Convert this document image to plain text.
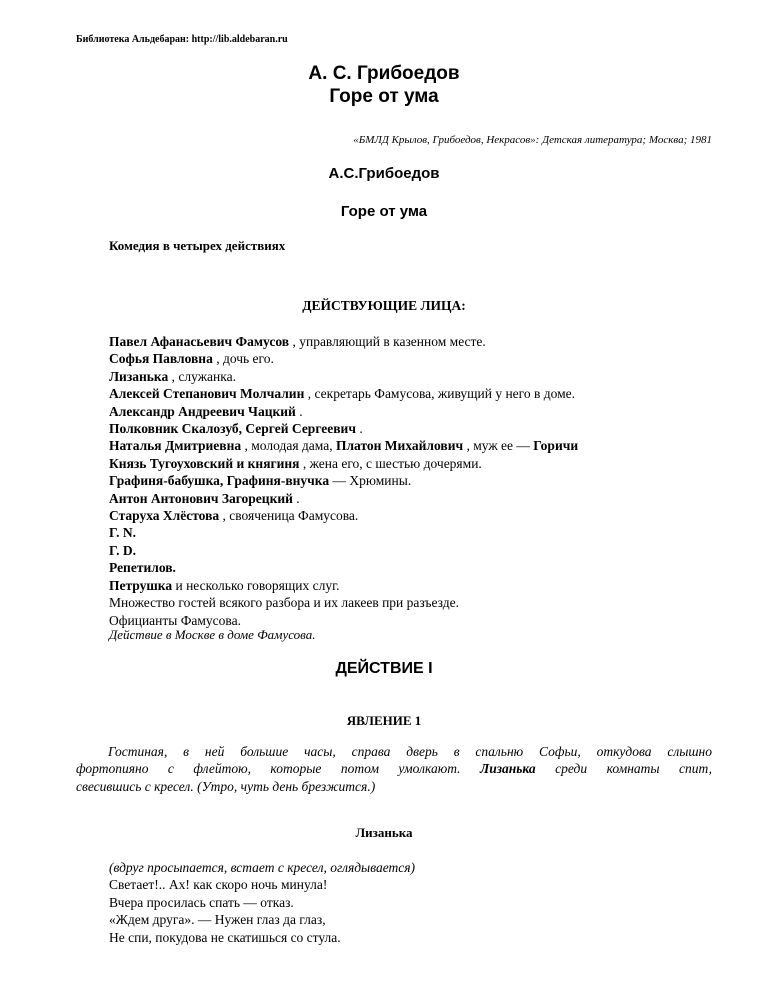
Библиотека Альдебаран: http://lib.aldebaran.ru
А. С. Грибоедов
Горе от ума
«БМЛД Крылов, Грибоедов, Некрасов»: Детская литература; Москва; 1981
А.С.Грибоедов
Горе от ума
Комедия в четырех действиях
ДЕЙСТВУЮЩИЕ ЛИЦА:
Павел Афанасьевич Фамусов , управляющий в казенном месте.
Софья Павловна , дочь его.
Лизанька , служанка.
Алексей Степанович Молчалин , секретарь Фамусова, живущий у него в доме.
Александр Андреевич Чацкий .
Полковник Скалозуб, Сергей Сергеевич .
Наталья Дмитриевна , молодая дама, Платон Михайлович , муж ее — Горичи
Князь Тугоуховский и княгиня , жена его, с шестью дочерями.
Графиня-бабушка, Графиня-внучка — Хрюмины.
Антон Антонович Загорецкий .
Старуха Хлёстова , свояченица Фамусова.
Г. N.
Г. D.
Репетилов.
Петрушка и несколько говорящих слуг.
Множество гостей всякого разбора и их лакеев при разъезде.
Официанты Фамусова.
Действие в Москве в доме Фамусова.
ДЕЙСТВИЕ I
ЯВЛЕНИЕ 1
Гостиная, в ней большие часы, справа дверь в спальню Софьи, откудова слышно
фортопияно с флейтою, которые потом умолкают. Лизанька среди комнаты спит,
свесившись с кресел. (Утро, чуть день брезжится.)
Лизанька
(вдруг просыпается, встает с кресел, оглядывается)
Светает!.. Ах! как скоро ночь минула!
Вчера просилась спать — отказ.
«Ждем друга». — Нужен глаз да глаз,
Не спи, покудова не скатишься со стула.
